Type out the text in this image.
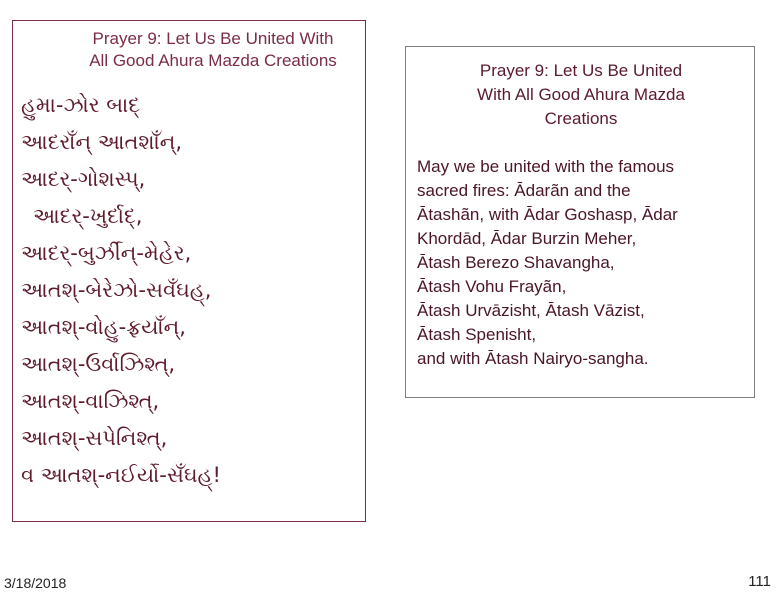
Prayer 9: Let Us Be United With
All Good Ahura Mazda Creations
હુમા-ઝોર બાદ્
આદરાઁન્ આતશાઁન્,
આદર્-ગોશસ્પ્,
આદર્-ખુર્દાદ્,
આદર્-બુર્ઝીન્-મેહેર,
આતશ્-બેરેઝો-સવઁઘહ્,
આતશ્-વોહુ-ફ્રયાઁન્,
આતશ્-ઉર્વાઝિશ્ત્,
આતશ્-વાઝિશ્ત્,
આતશ્-સપેનિશ્ત્,
વ આતશ્-નઈર્યો-સઁઘહ્!
Prayer 9: Let Us Be United
With All Good Ahura Mazda
Creations
May we be united with the famous
sacred fires: Ādarãn and the
Ātashãn, with Ādar Goshasp, Ādar
Khordād, Ādar Burzin Meher,
Ātash Berezo Shavangha,
Ātash Vohu Frayãn,
Ātash Urvāzisht, Ātash Vāzist,
Ātash Spenisht,
and with Ātash Nairyo-sangha.
3/18/2018	111
